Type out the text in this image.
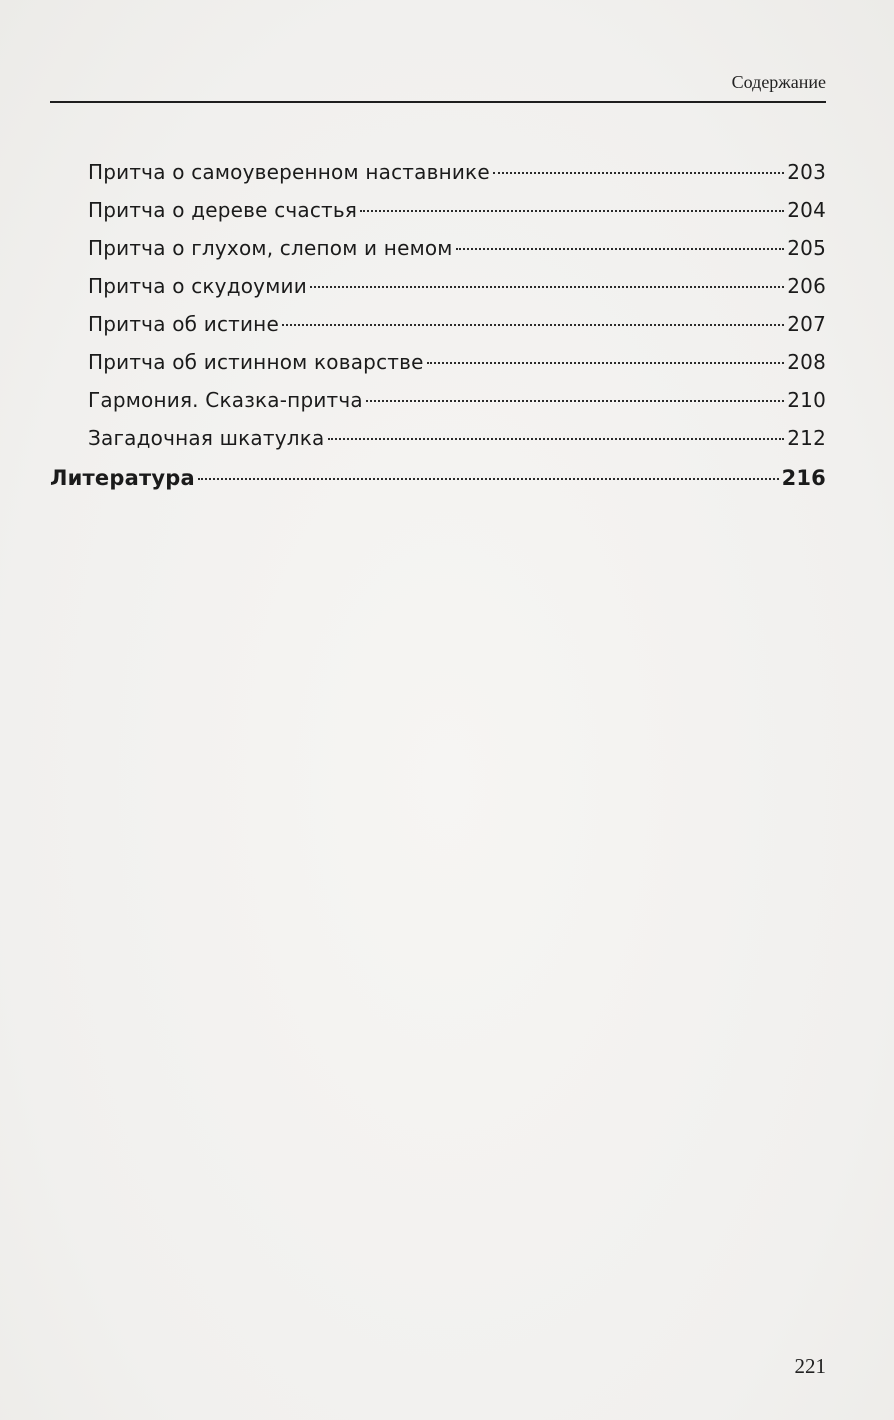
Содержание
Притча о самоуверенном наставнике	203
Притча о дереве счастья	204
Притча о глухом, слепом и немом	205
Притча о скудоумии	206
Притча об истине	207
Притча об истинном коварстве	208
Гармония. Сказка-притча	210
Загадочная шкатулка	212
Литература	216
221
